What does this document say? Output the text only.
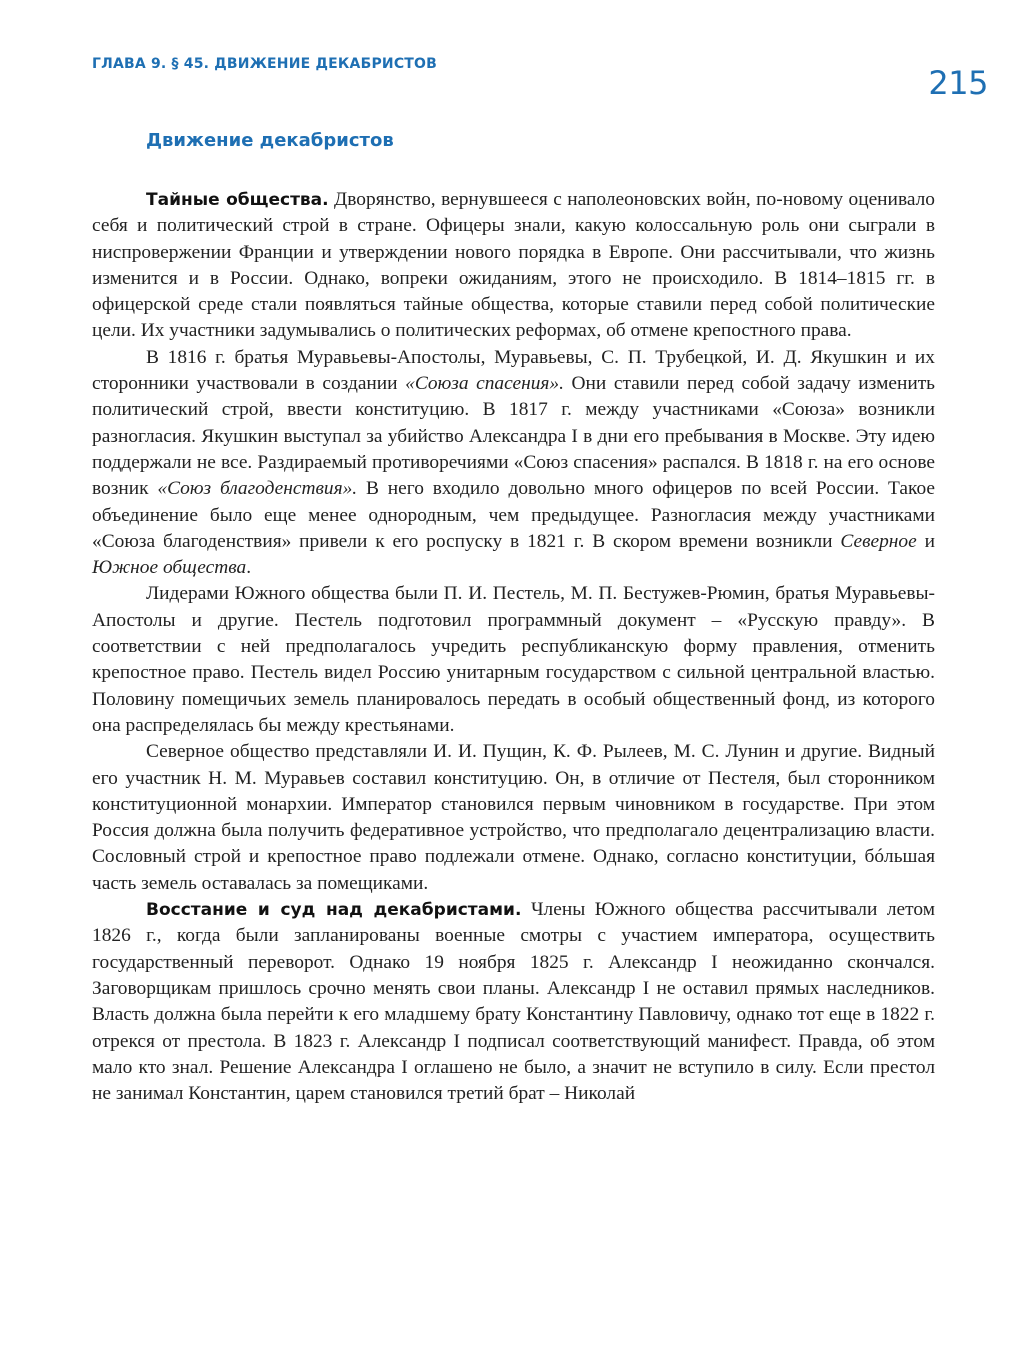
ГЛАВА 9. § 45. ДВИЖЕНИЕ ДЕКАБРИСТОВ	215
Движение декабристов

Тайные общества. Дворянство, вернувшееся с наполеоновских войн, по-новому оценивало себя и политический строй в стране. Офицеры знали, какую колоссальную роль они сыграли в ниспровержении Франции и утверждении нового порядка в Европе. Они рассчитывали, что жизнь изменится и в России. Однако, вопреки ожиданиям, этого не происходило. В 1814–1815 гг. в офицерской среде стали появляться тайные общества, которые ставили перед собой политические цели. Их участники задумывались о политических реформах, об отмене крепостного права.

В 1816 г. братья Муравьевы-Апостолы, Муравьевы, С. П. Трубецкой, И. Д. Якушкин и их сторонники участвовали в создании «Союза спасения». Они ставили перед собой задачу изменить политический строй, ввести конституцию. В 1817 г. между участниками «Союза» возникли разногласия. Якушкин выступал за убийство Александра I в дни его пребывания в Москве. Эту идею поддержали не все. Раздираемый противоречиями «Союз спасения» распался. В 1818 г. на его основе возник «Союз благоденствия». В него входило довольно много офицеров по всей России. Такое объединение было еще менее однородным, чем предыдущее. Разногласия между участниками «Союза благоденствия» привели к его роспуску в 1821 г. В скором времени возникли Северное и Южное общества.

Лидерами Южного общества были П. И. Пестель, М. П. Бестужев-Рюмин, братья Муравьевы-Апостолы и другие. Пестель подготовил программный документ – «Русскую правду». В соответствии с ней предполагалось учредить республиканскую форму правления, отменить крепостное право. Пестель видел Россию унитарным государством с сильной центральной властью. Половину помещичьих земель планировалось передать в особый общественный фонд, из которого она распределялась бы между крестьянами.

Северное общество представляли И. И. Пущин, К. Ф. Рылеев, М. С. Лунин и другие. Видный его участник Н. М. Муравьев составил конституцию. Он, в отличие от Пестеля, был сторонником конституционной монархии. Император становился первым чиновником в государстве. При этом Россия должна была получить федеративное устройство, что предполагало децентрализацию власти. Сословный строй и крепостное право подлежали отмене. Однако, согласно конституции, бóльшая часть земель оставалась за помещиками.

Восстание и суд над декабристами. Члены Южного общества рассчитывали летом 1826 г., когда были запланированы военные смотры с участием императора, осуществить государственный переворот. Однако 19 ноября 1825 г. Александр I неожиданно скончался. Заговорщикам пришлось срочно менять свои планы. Александр I не оставил прямых наследников. Власть должна была перейти к его младшему брату Константину Павловичу, однако тот еще в 1822 г. отрекся от престола. В 1823 г. Александр I подписал соответствующий манифест. Правда, об этом мало кто знал. Решение Александра I оглашено не было, а значит не вступило в силу. Если престол не занимал Константин, царем становился третий брат – Николай
